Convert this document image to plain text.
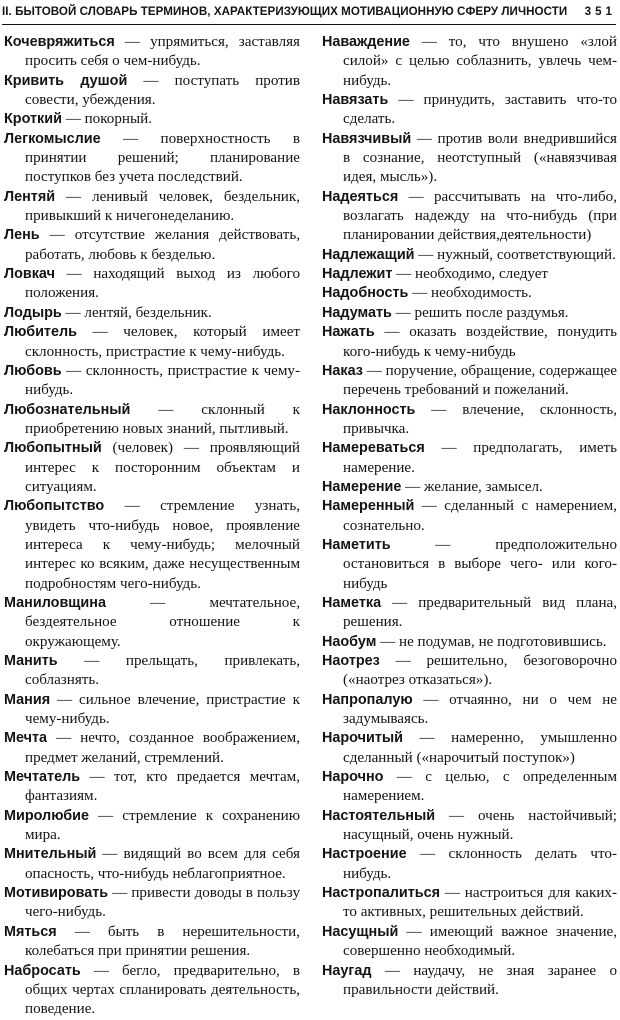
II. БЫТОВОЙ СЛОВАРЬ ТЕРМИНОВ, ХАРАКТЕРИЗУЮЩИХ МОТИВАЦИОННУЮ СФЕРУ ЛИЧНОСТИ 351

Кочевряжиться — упрямиться, заставляя просить себя о чем-нибудь.

Кривить душой — поступать против совести, убеждения.

Кроткий — покорный.

Легкомыслие — поверхностность в принятии решений; планирование поступков без учета последствий.

Лентяй — ленивый человек, бездельник, привыкший к ничегонеделанию.

Лень — отсутствие желания действовать, работать, любовь к безделью.

Ловкач — находящий выход из любого положения.

Лодырь — лентяй, бездельник.

Любитель — человек, который имеет склонность, пристрастие к чему-нибудь.

Любовь — склонность, пристрастие к чему-нибудь.

Любознательный — склонный к приобретению новых знаний, пытливый.

Любопытный (человек) — проявляющий интерес к посторонним объектам и ситуациям.

Любопытство — стремление узнать, увидеть что-нибудь новое, проявление интереса к чему-нибудь; мелочный интерес ко всяким, даже несущественным подробностям чего-нибудь.

Маниловщина — мечтательное, бездеятельное отношение к окружающему.

Манить — прельщать, привлекать, соблазнять.

Мания — сильное влечение, пристрастие к чему-нибудь.

Мечта — нечто, созданное воображением, предмет желаний, стремлений.

Мечтатель — тот, кто предается мечтам, фантазиям.

Миролюбие — стремление к сохранению мира.

Мнительный — видящий во всем для себя опасность, что-нибудь неблагоприятное.

Мотивировать — привести доводы в пользу чего-нибудь.

Мяться — быть в нерешительности, колебаться при принятии решения.

Набросать — бегло, предварительно, в общих чертах спланировать деятельность, поведение.

Наваждение — то, что внушено «злой силой» с целью соблазнить, увлечь чем-нибудь.

Навязать — принудить, заставить что-то сделать.

Навязчивый — против воли внедрившийся в сознание, неотступный («навязчивая идея, мысль»).

Надеяться — рассчитывать на что-либо, возлагать надежду на что-нибудь (при планировании действия,деятельности)

Надлежащий — нужный, соответствующий.

Надлежит — необходимо, следует

Надобность — необходимость.

Надумать — решить после раздумья.

Нажать — оказать воздействие, понудить кого-нибудь к чему-нибудь

Наказ — поручение, обращение, содержащее перечень требований и пожеланий.

Наклонность — влечение, склонность, привычка.

Намереваться — предполагать, иметь намерение.

Намерение — желание, замысел.

Намеренный — сделанный с намерением, сознательно.

Наметить — предположительно остановиться в выборе чего- или кого-нибудь

Наметка — предварительный вид плана, решения.

Наобум — не подумав, не подготовившись.

Наотрез — решительно, безоговорочно («наотрез отказаться»).

Напропалую — отчаянно, ни о чем не задумываясь.

Нарочитый — намеренно, умышленно сделанный («нарочитый поступок»)

Нарочно — с целью, с определенным намерением.

Настоятельный — очень настойчивый; насущный, очень нужный.

Настроение — склонность делать что-нибудь.

Настропалиться — настроиться для каких-то активных, решительных действий.

Насущный — имеющий важное значение, совершенно необходимый.

Наугад — наудачу, не зная заранее о правильности действий.
